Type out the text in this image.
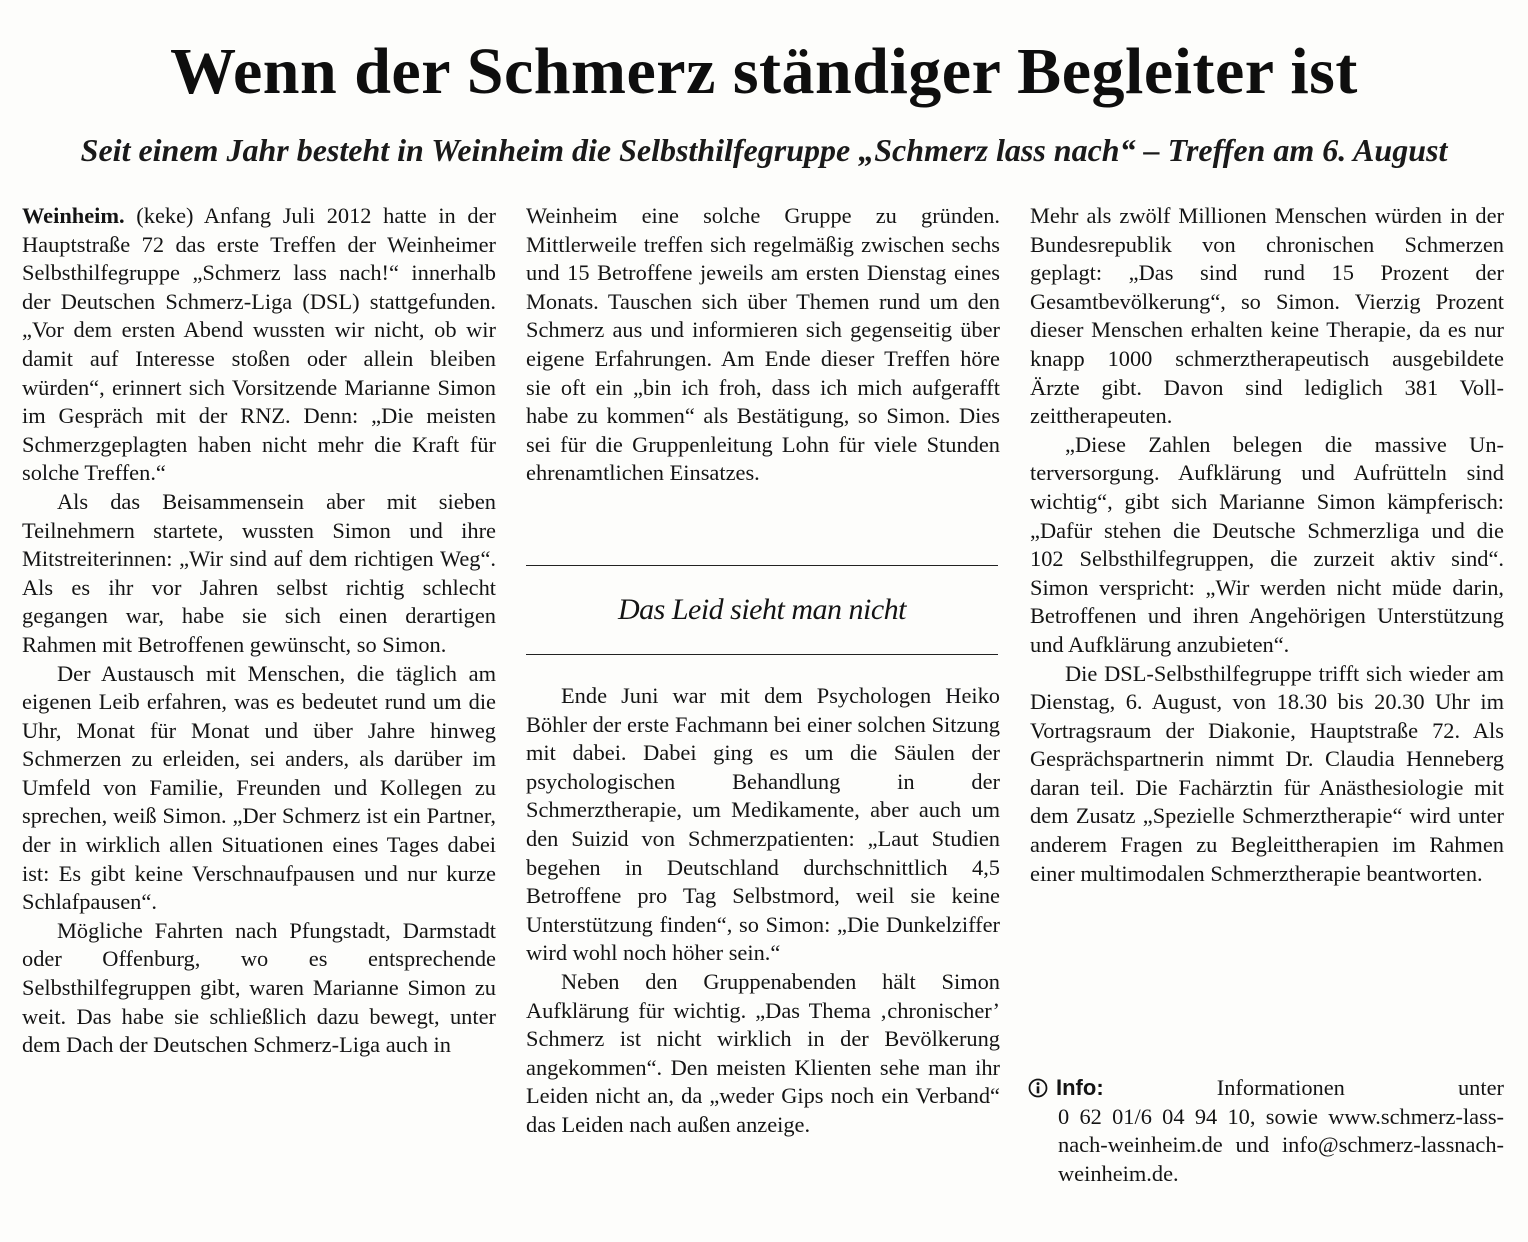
Wenn der Schmerz ständiger Begleiter ist
Seit einem Jahr besteht in Weinheim die Selbsthilfegruppe „Schmerz lass nach“ – Treffen am 6. August

Weinheim. (keke) Anfang Juli 2012 hatte in der Hauptstraße 72 das erste Treffen der Weinheimer Selbsthilfegruppe „Schmerz lass nach!“ innerhalb der Deutschen Schmerz-Liga (DSL) stattgefunden. „Vor dem ersten Abend wussten wir nicht, ob wir damit auf Interesse stoßen oder allein bleiben würden“, erinnert sich Vorsitzende Marianne Simon im Gespräch mit der RNZ. Denn: „Die meisten Schmerzgeplagten haben nicht mehr die Kraft für solche Treffen.“

Als das Beisammensein aber mit sieben Teilnehmern startete, wussten Simon und ihre Mitstreiterinnen: „Wir sind auf dem richtigen Weg“. Als es ihr vor Jahren selbst richtig schlecht gegangen war, habe sie sich einen derartigen Rahmen mit Betroffenen gewünscht, so Simon.

Der Austausch mit Menschen, die täglich am eigenen Leib erfahren, was es bedeutet rund um die Uhr, Monat für Monat und über Jahre hinweg Schmerzen zu erleiden, sei anders, als darüber im Umfeld von Familie, Freunden und Kollegen zu sprechen, weiß Simon. „Der Schmerz ist ein Partner, der in wirklich allen Situationen eines Tages dabei ist: Es gibt keine Verschnaufpausen und nur kurze Schlafpausen“.

Mögliche Fahrten nach Pfungstadt, Darmstadt oder Offenburg, wo es entsprechende Selbsthilfegruppen gibt, waren Marianne Simon zu weit. Das habe sie schließlich dazu bewegt, unter dem Dach der Deutschen Schmerz-Liga auch in

Weinheim eine solche Gruppe zu gründen. Mittlerweile treffen sich regelmäßig zwischen sechs und 15 Betroffene jeweils am ersten Dienstag eines Monats. Tauschen sich über Themen rund um den Schmerz aus und informieren sich gegenseitig über eigene Erfahrungen. Am Ende dieser Treffen höre sie oft ein „bin ich froh, dass ich mich aufgerafft habe zu kommen“ als Bestätigung, so Simon. Dies sei für die Gruppenleitung Lohn für viele Stunden ehrenamtlichen Einsatzes.

Das Leid sieht man nicht

Ende Juni war mit dem Psychologen Heiko Böhler der erste Fachmann bei einer solchen Sitzung mit dabei. Dabei ging es um die Säulen der psychologischen Behandlung in der Schmerztherapie, um Medikamente, aber auch um den Suizid von Schmerzpatienten: „Laut Studien begehen in Deutschland durchschnittlich 4,5 Betroffene pro Tag Selbstmord, weil sie keine Unterstützung finden“, so Simon: „Die Dunkelziffer wird wohl noch höher sein.“

Neben den Gruppenabenden hält Simon Aufklärung für wichtig. „Das Thema ‚chronischer’ Schmerz ist nicht wirklich in der Bevölkerung angekommen“. Den meisten Klienten sehe man ihr Leiden nicht an, da „weder Gips noch ein Verband“ das Leiden nach außen anzeige.

Mehr als zwölf Millionen Menschen würden in der Bundesrepublik von chronischen Schmerzen geplagt: „Das sind rund 15 Prozent der Gesamtbevölkerung“, so Simon. Vierzig Prozent dieser Menschen erhalten keine Therapie, da es nur knapp 1000 schmerztherapeutisch ausgebildete Ärzte gibt. Davon sind lediglich 381 Vollzeittherapeuten.

„Diese Zahlen belegen die massive Unterversorgung. Aufklärung und Aufrütteln sind wichtig“, gibt sich Marianne Simon kämpferisch: „Dafür stehen die Deutsche Schmerzliga und die 102 Selbsthilfegruppen, die zurzeit aktiv sind“. Simon verspricht: „Wir werden nicht müde darin, Betroffenen und ihren Angehörigen Unterstützung und Aufklärung anzubieten“.

Die DSL-Selbsthilfegruppe trifft sich wieder am Dienstag, 6. August, von 18.30 bis 20.30 Uhr im Vortragsraum der Diakonie, Hauptstraße 72. Als Gesprächspartnerin nimmt Dr. Claudia Henneberg daran teil. Die Fachärztin für Anästhesiologie mit dem Zusatz „Spezielle Schmerztherapie“ wird unter anderem Fragen zu Begleittherapien im Rahmen einer multimodalen Schmerztherapie beantworten.

Info:	Informationen	unter
0 62 01/6 04 94 10, sowie www.schmerz-lass-nach-weinheim.de und info@schmerz-lassnach-weinheim.de.
